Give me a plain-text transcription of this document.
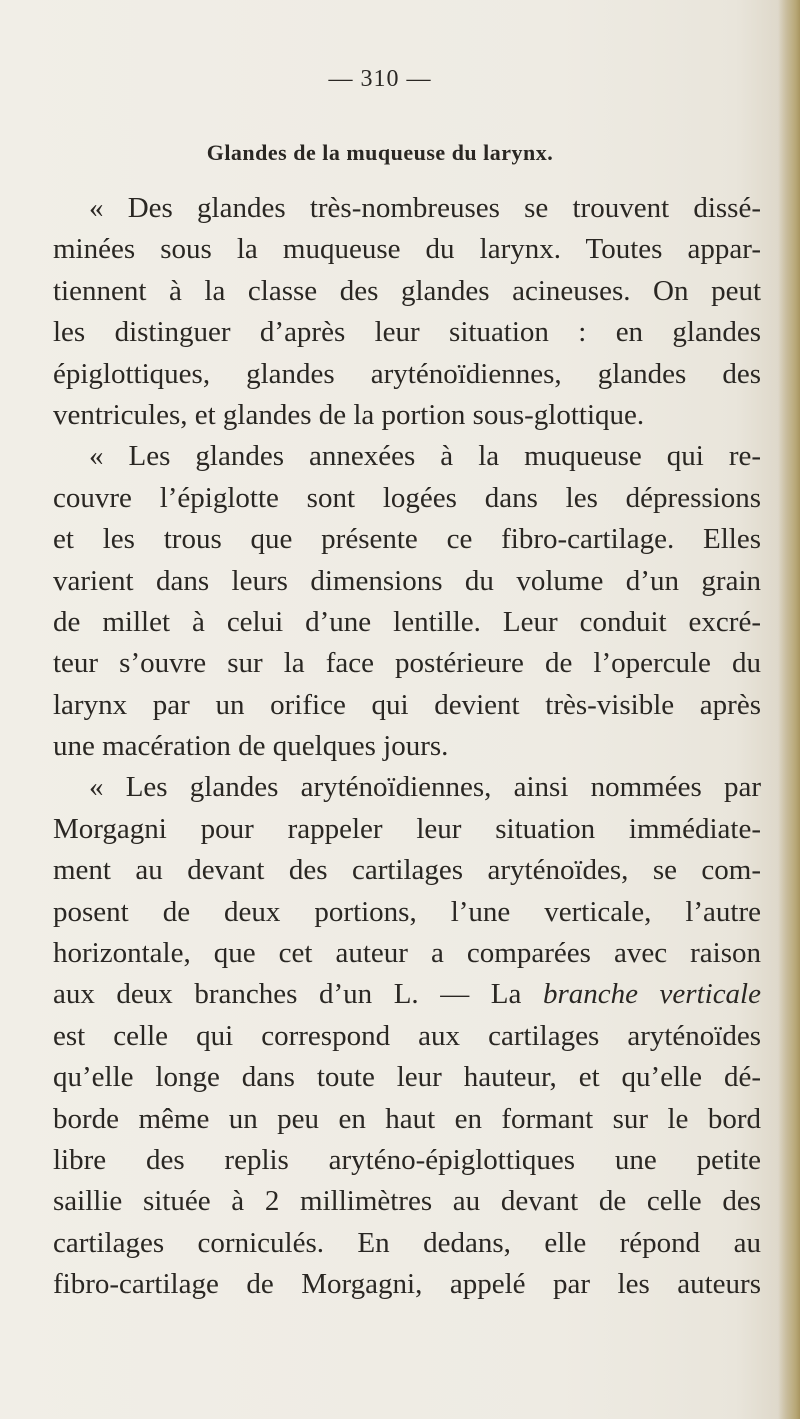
— 310 —
Glandes de la muqueuse du larynx.
« Des glandes très-nombreuses se trouvent dissé-
minées sous la muqueuse du larynx. Toutes appar-
tiennent à la classe des glandes acineuses. On peut
les distinguer d’après leur situation : en glandes
épiglottiques, glandes aryténoïdiennes, glandes des
ventricules, et glandes de la portion sous-glottique.
« Les glandes annexées à la muqueuse qui re-
couvre l’épiglotte sont logées dans les dépressions
et les trous que présente ce fibro-cartilage. Elles
varient dans leurs dimensions du volume d’un grain
de millet à celui d’une lentille. Leur conduit excré-
teur s’ouvre sur la face postérieure de l’opercule du
larynx par un orifice qui devient très-visible après
une macération de quelques jours.
« Les glandes aryténoïdiennes, ainsi nommées par
Morgagni pour rappeler leur situation immédiate-
ment au devant des cartilages aryténoïdes, se com-
posent de deux portions, l’une verticale, l’autre
horizontale, que cet auteur a comparées avec raison
aux deux branches d’un L. — La branche verticale
est celle qui correspond aux cartilages aryténoïdes
qu’elle longe dans toute leur hauteur, et qu’elle dé-
borde même un peu en haut en formant sur le bord
libre des replis aryténo-épiglottiques une petite
saillie située à 2 millimètres au devant de celle des
cartilages corniculés. En dedans, elle répond au
fibro-cartilage de Morgagni, appelé par les auteurs
